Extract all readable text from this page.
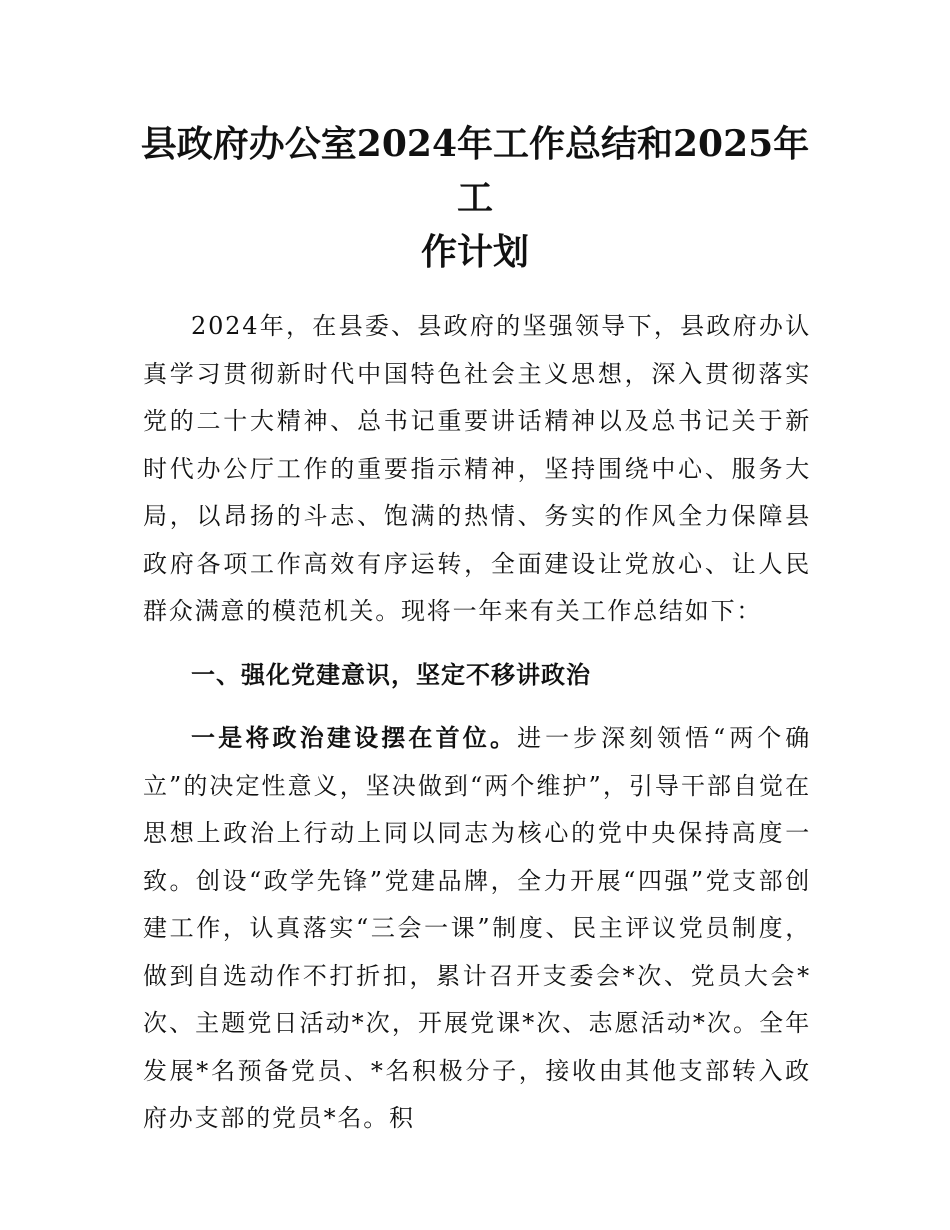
县政府办公室2024年工作总结和2025年工
作计划

2024年，在县委、县政府的坚强领导下，县政府办认真学习贯彻新时代中国特色社会主义思想，深入贯彻落实党的二十大精神、总书记重要讲话精神以及总书记关于新时代办公厅工作的重要指示精神，坚持围绕中心、服务大局，以昂扬的斗志、饱满的热情、务实的作风全力保障县政府各项工作高效有序运转，全面建设让党放心、让人民群众满意的模范机关。现将一年来有关工作总结如下：

一、强化党建意识，坚定不移讲政治

一是将政治建设摆在首位。进一步深刻领悟“两个确立”的决定性意义，坚决做到“两个维护”，引导干部自觉在思想上政治上行动上同以同志为核心的党中央保持高度一致。创设“政学先锋”党建品牌，全力开展“四强”党支部创建工作，认真落实“三会一课”制度、民主评议党员制度，做到自选动作不打折扣，累计召开支委会*次、党员大会*次、主题党日活动*次，开展党课*次、志愿活动*次。全年发展*名预备党员、*名积极分子，接收由其他支部转入政府办支部的党员*名。积
